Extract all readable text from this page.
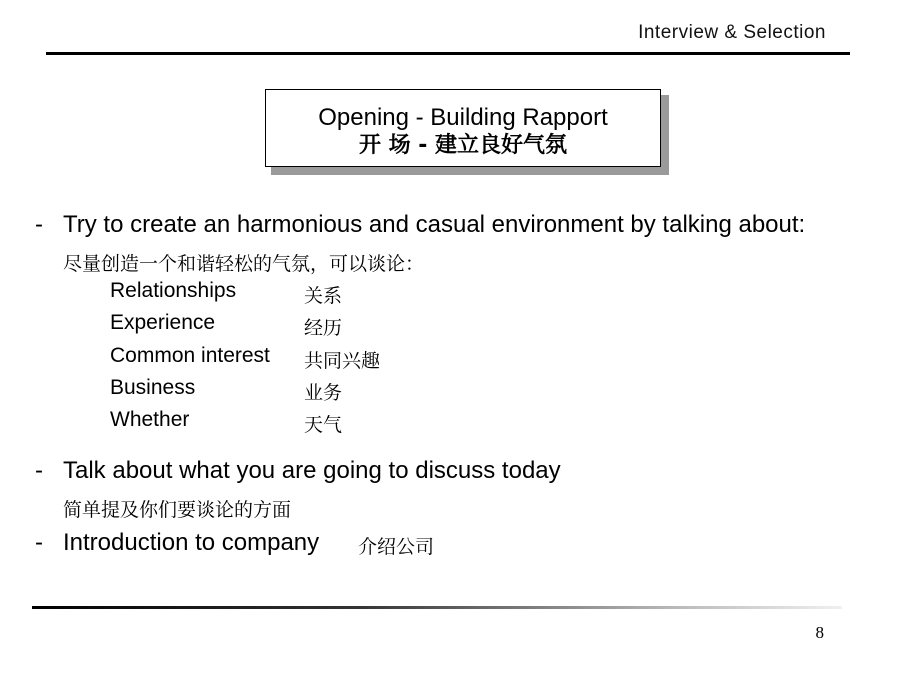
Interview & Selection
Opening - Building Rapport
开 场 - 建立良好气氛
- Try to create an harmonious and casual environment by talking about:
尽量创造一个和谐轻松的气氛，可以谈论：
Relationships	关系
Experience	经历
Common interest 共同兴趣
Business	业务
Whether	天气
- Talk about what you are going to discuss today
简单提及你们要谈论的方面
- Introduction to company 介绍公司
8
